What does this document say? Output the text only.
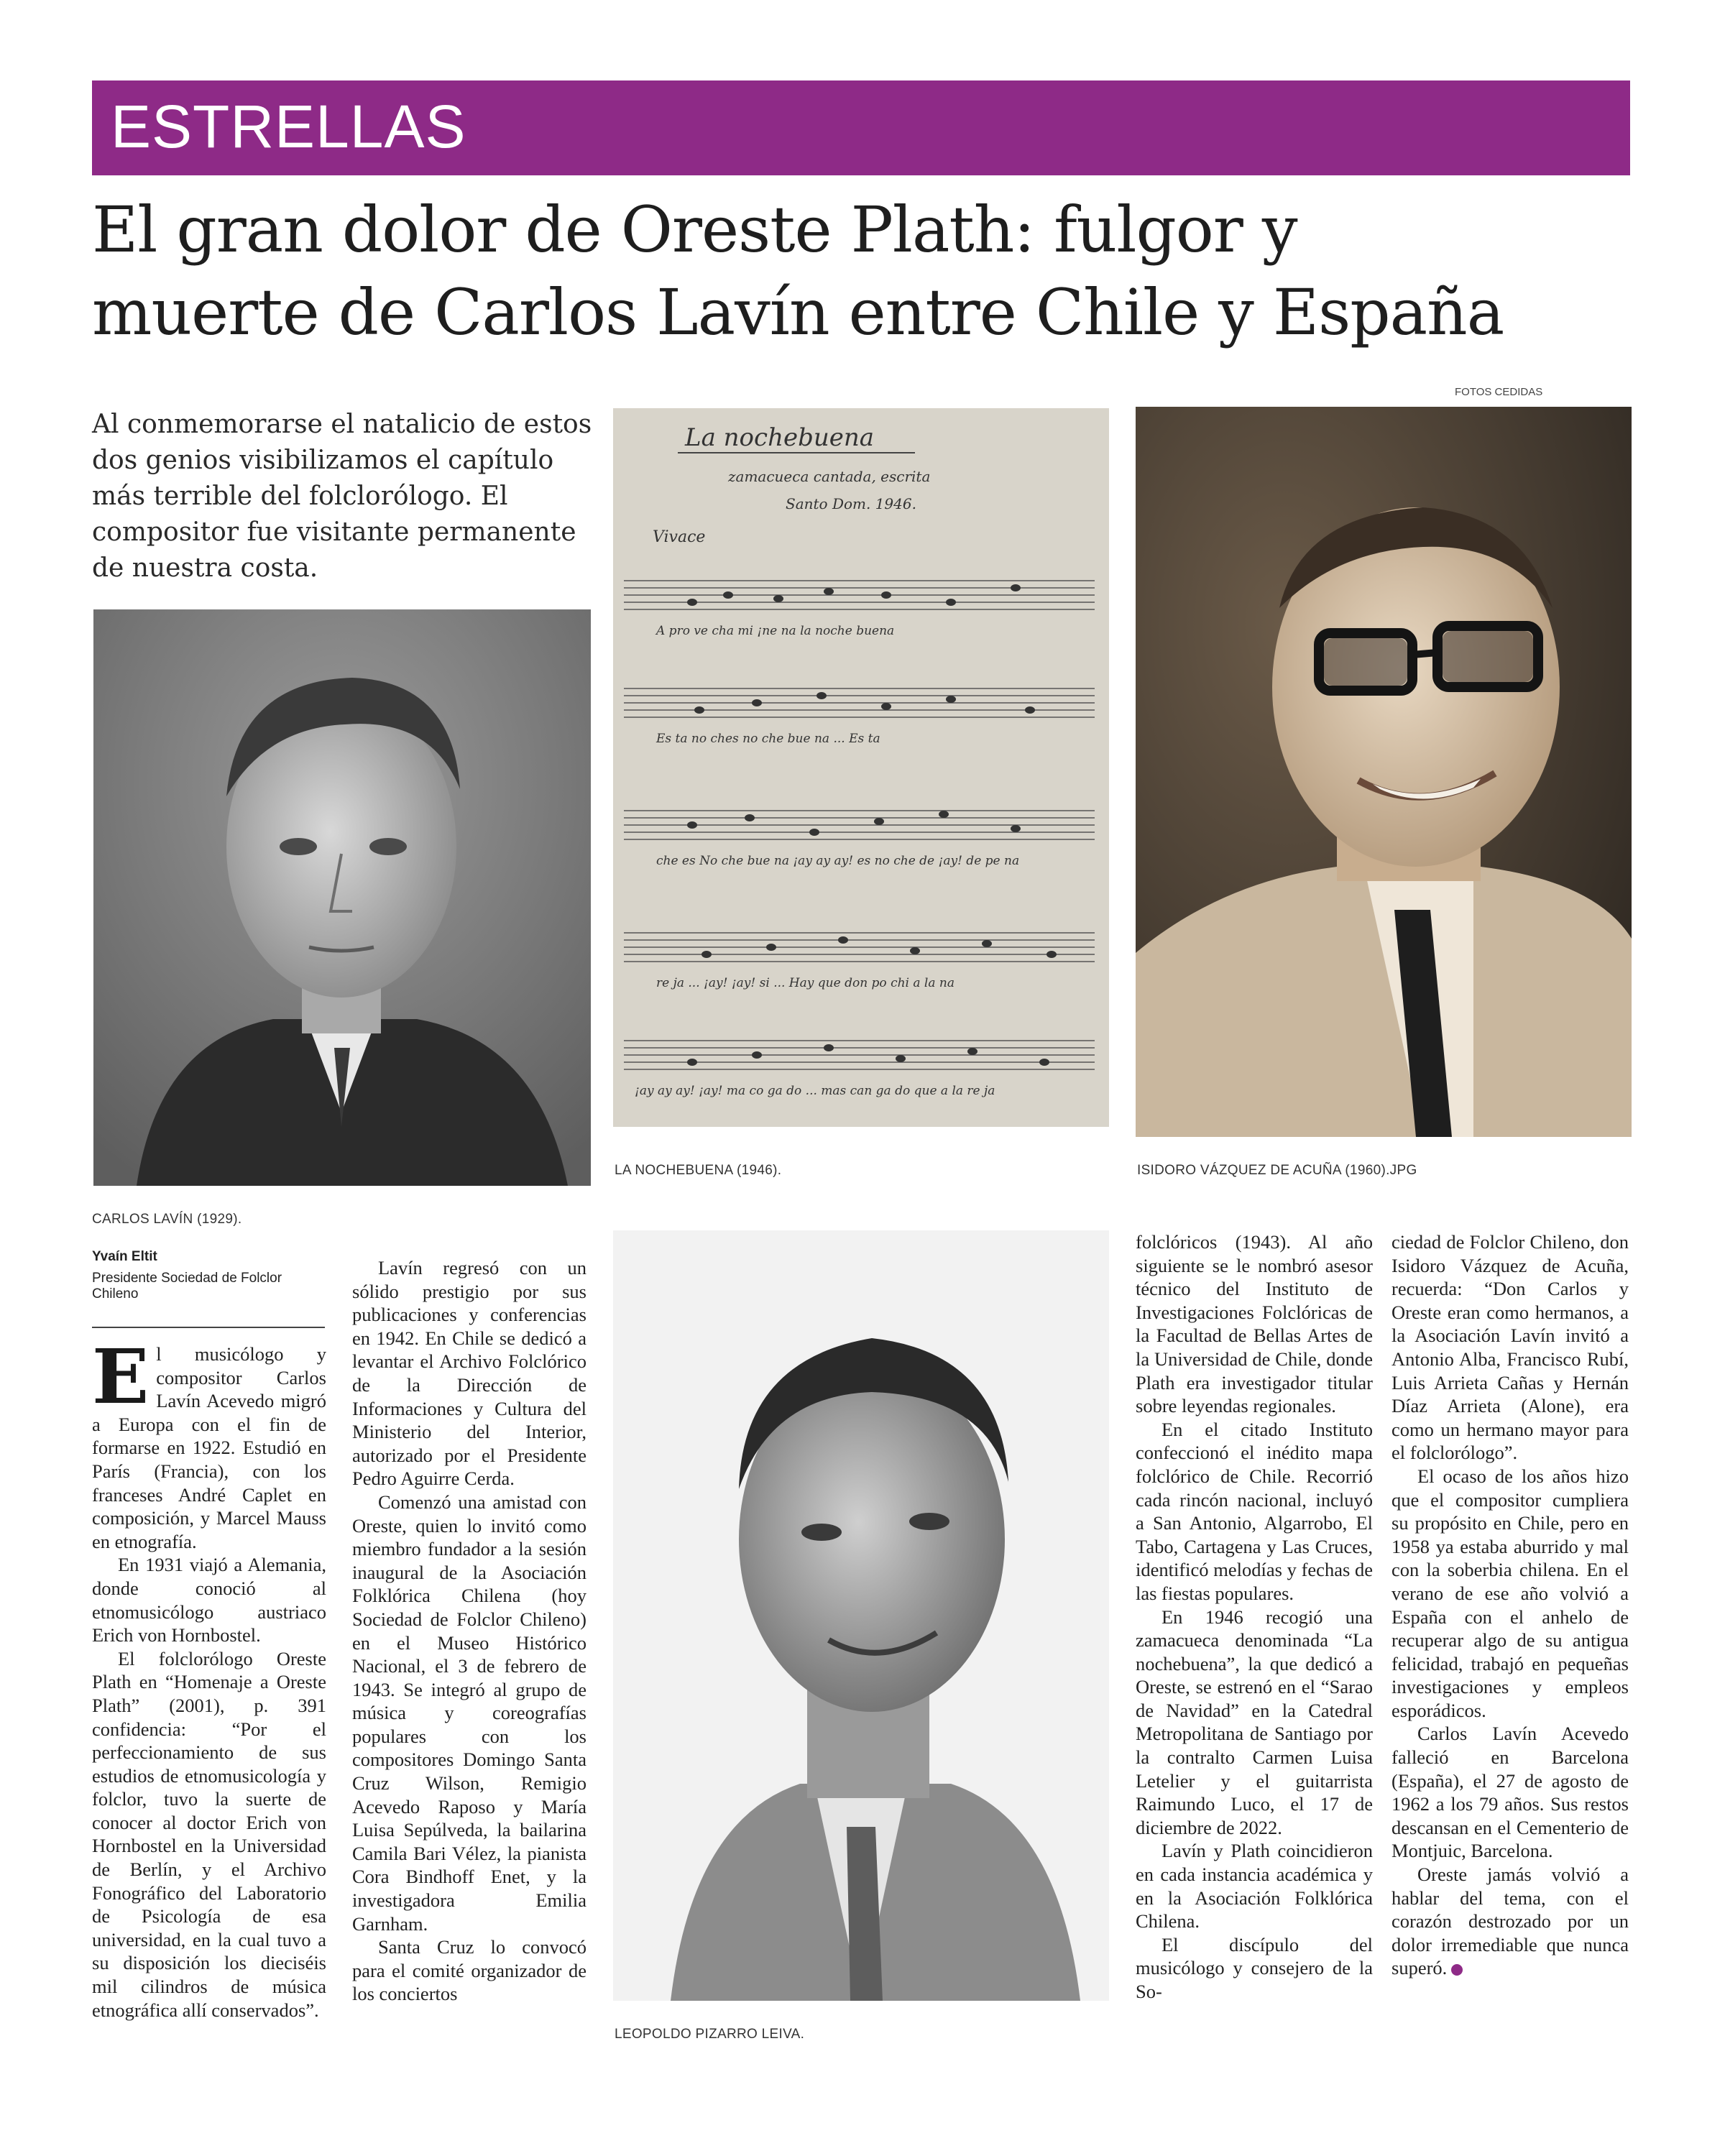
ESTRELLAS
El gran dolor de Oreste Plath: fulgor y
muerte de Carlos Lavín entre Chile y España
FOTOS CEDIDAS
Al conmemorarse el natalicio de estos dos genios visibilizamos el capítulo más terrible del folclorólogo. El compositor fue visitante permanente de nuestra costa.
CARLOS LAVÍN (1929).
La nochebuena
zamacueca cantada, escrita
Santo Dom. 1946.
Vivace
A pro ve cha mi ¡ne na la noche buena
Es ta no ches no che bue na ... Es ta
che es No che bue na ¡ay ay ay! es no che de ¡ay! de pe na
re ja ... ¡ay! ¡ay! si ... Hay que don po chi a la na
¡ay ay ay! ¡ay! ma co ga do ... mas can ga do que a la re ja
LA NOCHEBUENA (1946).	ISIDORO VÁZQUEZ DE ACUÑA (1960).JPG
LEOPOLDO PIZARRO LEIVA.
Yvaín Eltit
Presidente Sociedad de Folclor Chileno

El musicólogo y compositor Carlos Lavín Acevedo migró a Europa con el fin de formarse en 1922. Estudió en París (Francia), con los franceses André Caplet en composición, y Marcel Mauss en etnografía.

En 1931 viajó a Alemania, donde conoció al etnomusicólogo austriaco Erich von Hornbostel.

El folclorólogo Oreste Plath en “Homenaje a Oreste Plath” (2001), p. 391 confidencia: “Por el perfeccionamiento de sus estudios de etnomusicología y folclor, tuvo la suerte de conocer al doctor Erich von Hornbostel en la Universidad de Berlín, y el Archivo Fonográfico del Laboratorio de Psicología de esa universidad, en la cual tuvo a su disposición los dieciséis mil cilindros de música etnográfica allí conservados”.

Lavín regresó con un sólido prestigio por sus publicaciones y conferencias en 1942. En Chile se dedicó a levantar el Archivo Folclórico de la Dirección de Informaciones y Cultura del Ministerio del Interior, autorizado por el Presidente Pedro Aguirre Cerda.

Comenzó una amistad con Oreste, quien lo invitó como miembro fundador a la sesión inaugural de la Asociación Folklórica Chilena (hoy Sociedad de Folclor Chileno) en el Museo Histórico Nacional, el 3 de febrero de 1943. Se integró al grupo de música y coreografías populares con los compositores Domingo Santa Cruz Wilson, Remigio Acevedo Raposo y María Luisa Sepúlveda, la bailarina Camila Bari Vélez, la pianista Cora Bindhoff Enet, y la investigadora Emilia Garnham.

Santa Cruz lo convocó para el comité organizador de los conciertos

folclóricos (1943). Al año siguiente se le nombró asesor técnico del Instituto de Investigaciones Folclóricas de la Facultad de Bellas Artes de la Universidad de Chile, donde Plath era investigador titular sobre leyendas regionales.

En el citado Instituto confeccionó el inédito mapa folclórico de Chile. Recorrió cada rincón nacional, incluyó a San Antonio, Algarrobo, El Tabo, Cartagena y Las Cruces, identificó melodías y fechas de las fiestas populares.

En 1946 recogió una zamacueca denominada “La nochebuena”, la que dedicó a Oreste, se estrenó en el “Sarao de Navidad” en la Catedral Metropolitana de Santiago por la contralto Carmen Luisa Letelier y el guitarrista Raimundo Luco, el 17 de diciembre de 2022.

Lavín y Plath coincidieron en cada instancia académica y en la Asociación Folklórica Chilena.

El discípulo del musicólogo y consejero de la So-

ciedad de Folclor Chileno, don Isidoro Vázquez de Acuña, recuerda: “Don Carlos y Oreste eran como hermanos, a la Asociación Lavín invitó a Antonio Alba, Francisco Rubí, Luis Arrieta Cañas y Hernán Díaz Arrieta (Alone), era como un hermano mayor para el folclorólogo”.

El ocaso de los años hizo que el compositor cumpliera su propósito en Chile, pero en 1958 ya estaba aburrido y mal con la soberbia chilena. En el verano de ese año volvió a España con el anhelo de recuperar algo de su antigua felicidad, trabajó en pequeñas investigaciones y empleos esporádicos.

Carlos Lavín Acevedo falleció en Barcelona (España), el 27 de agosto de 1962 a los 79 años. Sus restos descansan en el Cementerio de Montjuic, Barcelona.

Oreste jamás volvió a hablar del tema, con el corazón destrozado por un dolor irremediable que nunca superó.	✪
